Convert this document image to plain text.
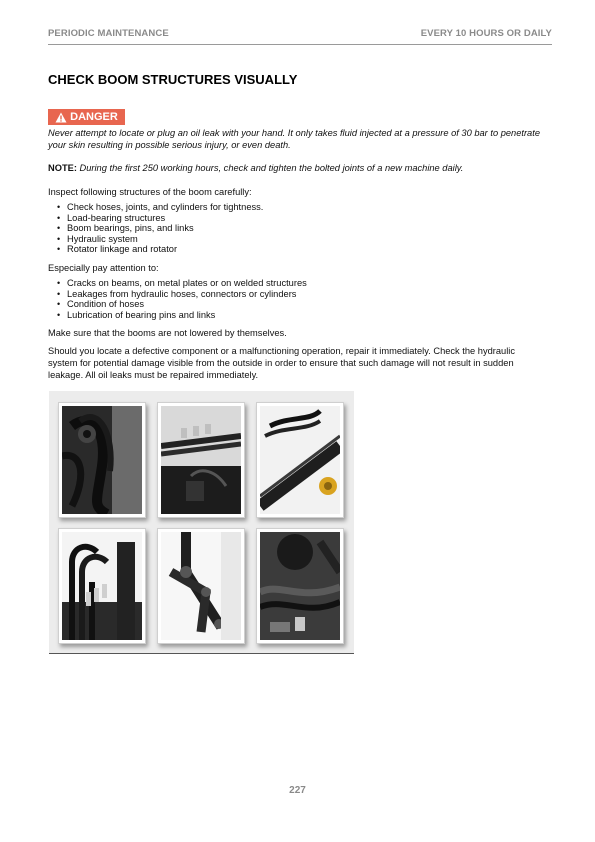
PERIODIC MAINTENANCE	EVERY 10 HOURS OR DAILY
CHECK BOOM STRUCTURES VISUALLY
DANGER

Never attempt to locate or plug an oil leak with your hand. It only takes fluid injected at a pressure of 30 bar to penetrate your skin resulting in possible serious injury, or even death.

NOTE: During the first 250 working hours, check and tighten the bolted joints of a new machine daily.

Inspect following structures of the boom carefully:

• Check hoses, joints, and cylinders for tightness.
• Load-bearing structures
• Boom bearings, pins, and links
• Hydraulic system
• Rotator linkage and rotator

Especially pay attention to:

• Cracks on beams, on metal plates or on welded structures
• Leakages from hydraulic hoses, connectors or cylinders
• Condition of hoses
• Lubrication of bearing pins and links

Make sure that the booms are not lowered by themselves.

Should you locate a defective component or a malfunctioning operation, repair it immediately. Check the hydraulic system for potential damage visible from the outside in order to ensure that such damage will not result in sudden leakage. All oil leaks must be repaired immediately.

227
